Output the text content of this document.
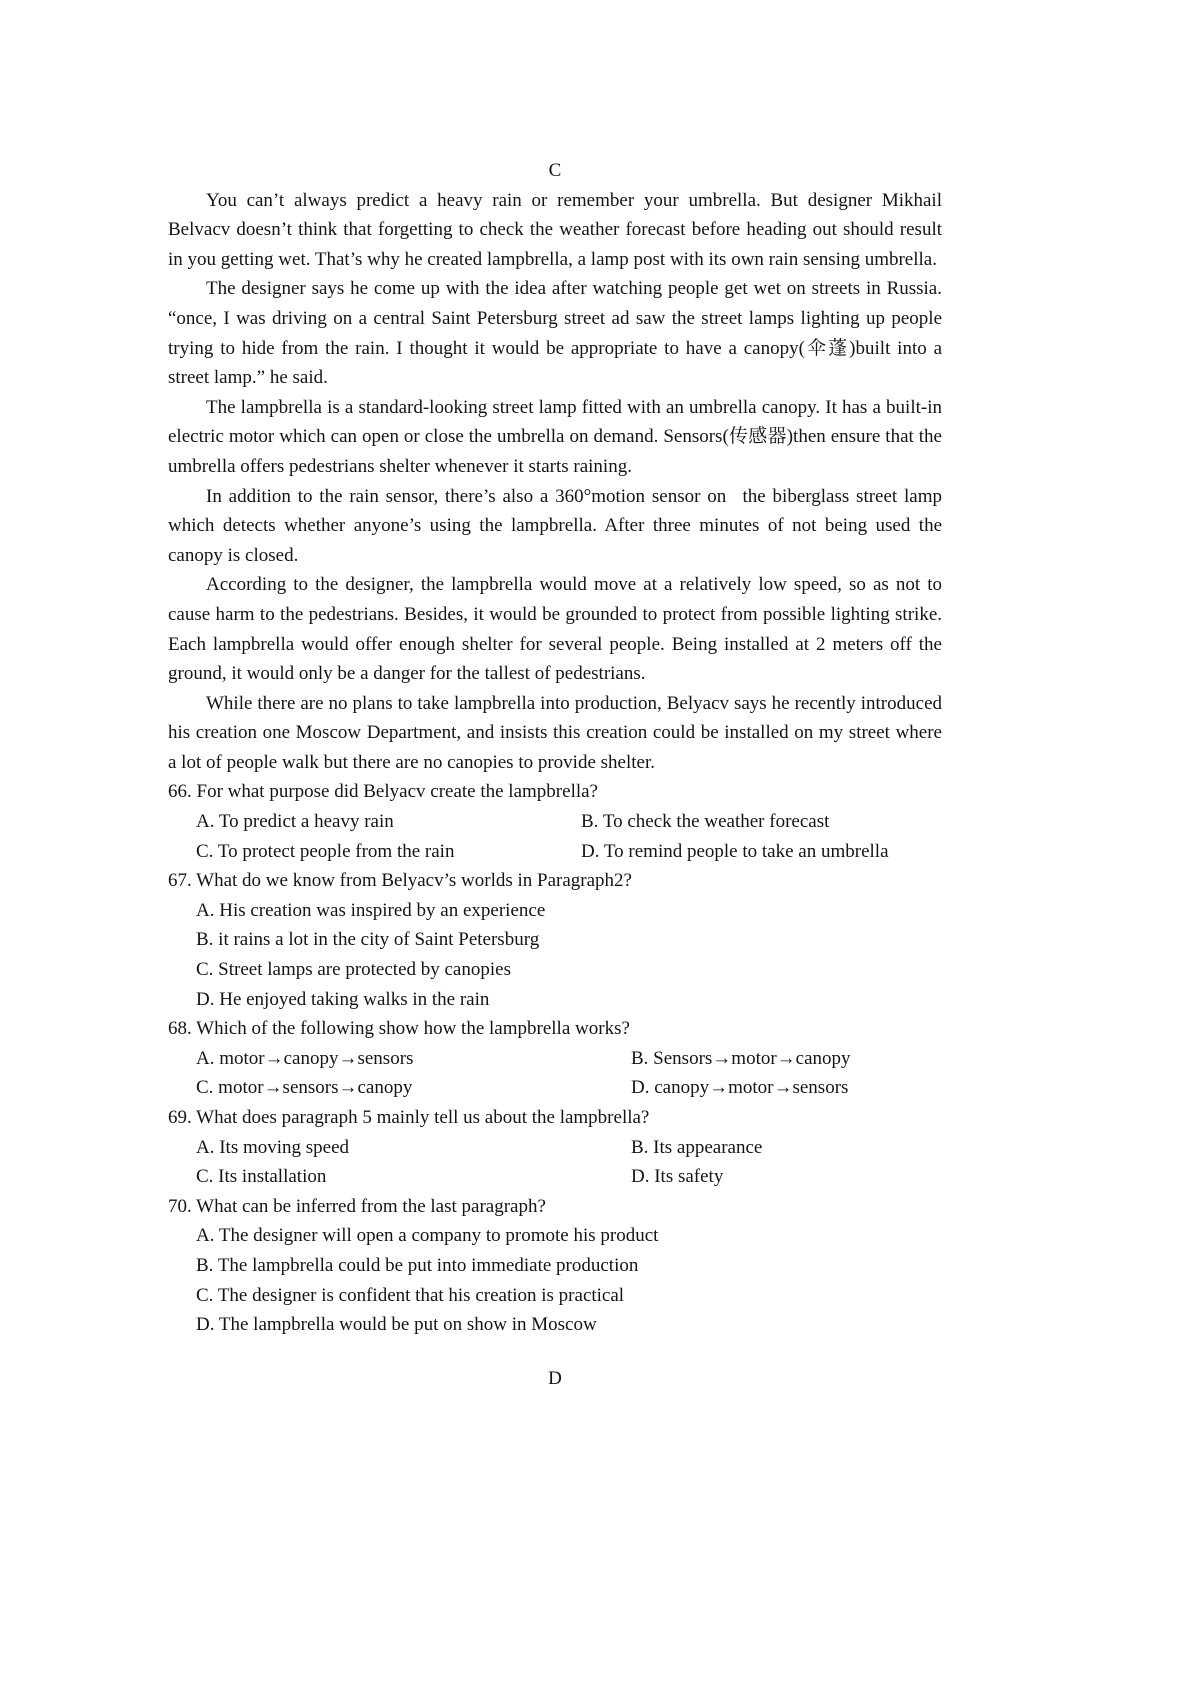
C

You can’t always predict a heavy rain or remember your umbrella. But designer Mikhail Belvacv doesn’t think that forgetting to check the weather forecast before heading out should result in you getting wet. That’s why he created lampbrella, a lamp post with its own rain sensing umbrella.

The designer says he come up with the idea after watching people get wet on streets in Russia. “once, I was driving on a central Saint Petersburg street ad saw the street lamps lighting up people trying to hide from the rain. I thought it would be appropriate to have a canopy(伞蓬)built into a street lamp.” he said.

The lampbrella is a standard-looking street lamp fitted with an umbrella canopy. It has a built-in electric motor which can open or close the umbrella on demand. Sensors(传感器)then ensure that the umbrella offers pedestrians shelter whenever it starts raining.

In addition to the rain sensor, there’s also a 360°motion sensor on  the biberglass street lamp which detects whether anyone’s using the lampbrella. After three minutes of not being used the canopy is closed.

According to the designer, the lampbrella would move at a relatively low speed, so as not to cause harm to the pedestrians. Besides, it would be grounded to protect from possible lighting strike. Each lampbrella would offer enough shelter for several people. Being installed at 2 meters off the ground, it would only be a danger for the tallest of pedestrians.

While there are no plans to take lampbrella into production, Belyacv says he recently introduced his creation one Moscow Department, and insists this creation could be installed on my street where a lot of people walk but there are no canopies to provide shelter.

66. For what purpose did Belyacv create the lampbrella?
A. To predict a heavy rain	B. To check the weather forecast
C. To protect people from the rain	D. To remind people to take an umbrella
67. What do we know from Belyacv’s worlds in Paragraph2?
A. His creation was inspired by an experience
B. it rains a lot in the city of Saint Petersburg
C. Street lamps are protected by canopies
D. He enjoyed taking walks in the rain
68. Which of the following show how the lampbrella works?
A. motor→canopy→sensors	B. Sensors→motor→canopy
C. motor→sensors→canopy	D. canopy→motor→sensors
69. What does paragraph 5 mainly tell us about the lampbrella?
A. Its moving speed	B. Its appearance
C. Its installation	D. Its safety
70. What can be inferred from the last paragraph?
A. The designer will open a company to promote his product
B. The lampbrella could be put into immediate production
C. The designer is confident that his creation is practical
D. The lampbrella would be put on show in Moscow
D
